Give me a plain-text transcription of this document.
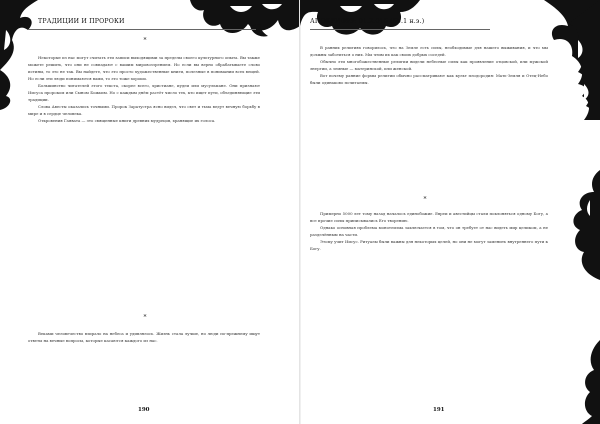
ТРАДИЦИИ И ПРОРОКИ
*

Некоторые из нас могут считать эти записи выходящими за пределы своего культурного опыта. Вы также можете решить, что они не совпадают с вашим мировоззрением. Но если вы верно обрабатываете слово истины, то это не так. Вы найдете, что это просто художественные книги, полезные в понимании всех вещей. Но если эти люди понимаются вами, то это тоже хорошо.

Большинство читателей этого текста, скорее всего, христиане, иудеи или мусульмане. Они признают Иисуса пророком или Сыном Божьим. Но с каждым днём растёт число тех, кто ищет пути, объединяющие эти традиции.

Слова Авесты оказались точными. Пророк Заратустра ясно видел, что свет и тьма ведут вечную борьбу в мире и в сердце человека.

Откровения Гаявата — это священные книги древних мудрецов, хранящие их голоса.

*

Веками человечество взирало на небеса и удивлялось. Жизнь стала лучше, но люди по-прежнему ищут ответы на вечные вопросы, которые касаются каждого из нас.

190
АПОКРИФ99: 01.2.016 (65.1 н.э.)

В ранних религиях говорилось, что на Земле есть силы, необходимые для нашего выживания, и что мы должны заботиться о них. Мы чтим их как своих добрых соседей.

Обычно эти многобожественные религии видели небесные силы как проявление отцовской, или мужской энергии, а земные — материнской, или женской.

Вот почему ранние формы религии обычно рассматривают как культ плодородия: Мать-Земля и Отец-Небо были одинаково почитаемы.

*

Примерно 5000 лет тому назад началось единобожие. Евреи и авестийцы стали поклоняться одному Богу, а все прочие силы приписывались Его творению.

Однако основная проблема монотеизма заключается в том, что он требует от нас видеть мир целиком, а не разделённым на части.

Этому учит Иисус. Ритуалы были важны для некоторых целей, но они не могут заменить внутреннего пути к Богу.

191
